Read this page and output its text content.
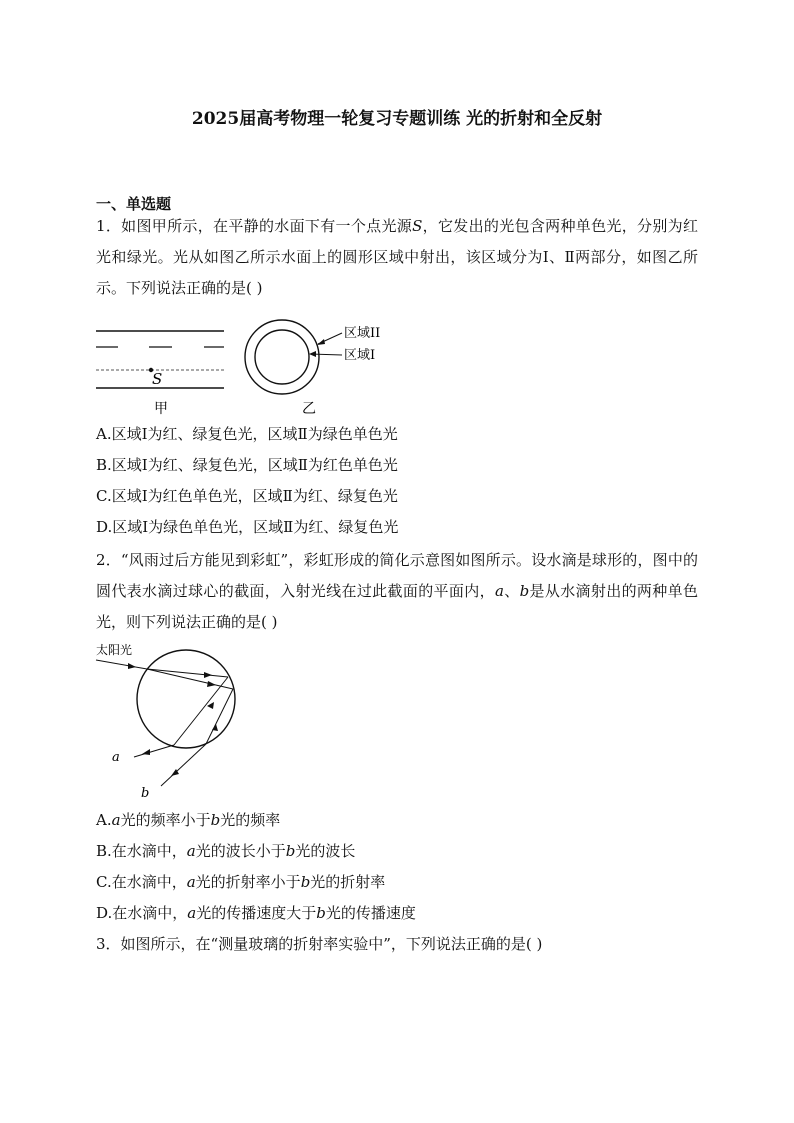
2025届高考物理一轮复习专题训练 光的折射和全反射
一、单选题
1．如图甲所示，在平静的水面下有一个点光源S，它发出的光包含两种单色光，分别为红光和绿光。光从如图乙所示水面上的圆形区域中射出，该区域分为Ⅰ、Ⅱ两部分，如图乙所示。下列说法正确的是( )
S
甲
区域II
区域I
乙
A.区域Ⅰ为红、绿复色光，区域Ⅱ为绿色单色光
B.区域Ⅰ为红、绿复色光，区域Ⅱ为红色单色光
C.区域Ⅰ为红色单色光，区域Ⅱ为红、绿复色光
D.区域Ⅰ为绿色单色光，区域Ⅱ为红、绿复色光
2．“风雨过后方能见到彩虹”，彩虹形成的简化示意图如图所示。设水滴是球形的，图中的圆代表水滴过球心的截面，入射光线在过此截面的平面内，a、b是从水滴射出的两种单色光，则下列说法正确的是( )
太阳光
a
b
A.a光的频率小于b光的频率
B.在水滴中，a光的波长小于b光的波长
C.在水滴中，a光的折射率小于b光的折射率
D.在水滴中，a光的传播速度大于b光的传播速度
3．如图所示，在“测量玻璃的折射率实验中”，下列说法正确的是( )
